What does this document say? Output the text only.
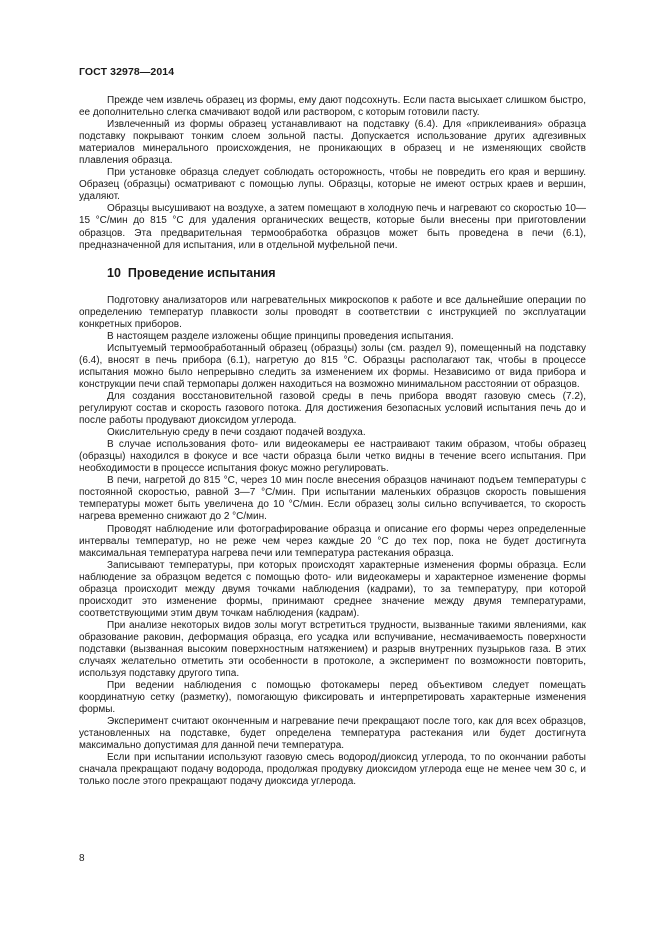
ГОСТ 32978—2014

Прежде чем извлечь образец из формы, ему дают подсохнуть. Если паста высыхает слишком быстро, ее дополнительно слегка смачивают водой или раствором, с которым готовили пасту.

Извлеченный из формы образец устанавливают на подставку (6.4). Для «приклеивания» образца подставку покрывают тонким слоем зольной пасты. Допускается использование других адгезивных материалов минерального происхождения, не проникающих в образец и не изменяющих свойств плавления образца.

При установке образца следует соблюдать осторожность, чтобы не повредить его края и вершину. Образец (образцы) осматривают с помощью лупы. Образцы, которые не имеют острых краев и вершин, удаляют.

Образцы высушивают на воздухе, а затем помещают в холодную печь и нагревают со скоростью 10—15 °С/мин до 815 °С для удаления органических веществ, которые были внесены при приготовлении образцов. Эта предварительная термообработка образцов может быть проведена в печи (6.1), предназначенной для испытания, или в отдельной муфельной печи.

10 Проведение испытания

Подготовку анализаторов или нагревательных микроскопов к работе и все дальнейшие операции по определению температур плавкости золы проводят в соответствии с инструкцией по эксплуатации конкретных приборов.

В настоящем разделе изложены общие принципы проведения испытания.

Испытуемый термообработанный образец (образцы) золы (см. раздел 9), помещенный на подставку (6.4), вносят в печь прибора (6.1), нагретую до 815 °С. Образцы располагают так, чтобы в процессе испытания можно было непрерывно следить за изменением их формы. Независимо от вида прибора и конструкции печи спай термопары должен находиться на возможно минимальном расстоянии от образцов.

Для создания восстановительной газовой среды в печь прибора вводят газовую смесь (7.2), регулируют состав и скорость газового потока. Для достижения безопасных условий испытания печь до и после работы продувают диоксидом углерода.

Окислительную среду в печи создают подачей воздуха.

В случае использования фото- или видеокамеры ее настраивают таким образом, чтобы образец (образцы) находился в фокусе и все части образца были четко видны в течение всего испытания. При необходимости в процессе испытания фокус можно регулировать.

В печи, нагретой до 815 °С, через 10 мин после внесения образцов начинают подъем температуры с постоянной скоростью, равной 3—7 °С/мин. При испытании маленьких образцов скорость повышения температуры может быть увеличена до 10 °С/мин. Если образец золы сильно вспучивается, то скорость нагрева временно снижают до 2 °С/мин.

Проводят наблюдение или фотографирование образца и описание его формы через определенные интервалы температур, но не реже чем через каждые 20 °С до тех пор, пока не будет достигнута максимальная температура нагрева печи или температура растекания образца.

Записывают температуры, при которых происходят характерные изменения формы образца. Если наблюдение за образцом ведется с помощью фото- или видеокамеры и характерное изменение формы образца происходит между двумя точками наблюдения (кадрами), то за температуру, при которой происходит это изменение формы, принимают среднее значение между двумя температурами, соответствующими этим двум точкам наблюдения (кадрам).

При анализе некоторых видов золы могут встретиться трудности, вызванные такими явлениями, как образование раковин, деформация образца, его усадка или вспучивание, несмачиваемость поверхности подставки (вызванная высоким поверхностным натяжением) и разрыв внутренних пузырьков газа. В этих случаях желательно отметить эти особенности в протоколе, а эксперимент по возможности повторить, используя подставку другого типа.

При ведении наблюдения с помощью фотокамеры перед объективом следует помещать координатную сетку (разметку), помогающую фиксировать и интерпретировать характерные изменения формы.

Эксперимент считают оконченным и нагревание печи прекращают после того, как для всех образцов, установленных на подставке, будет определена температура растекания или будет достигнута максимально допустимая для данной печи температура.

Если при испытании используют газовую смесь водород/диоксид углерода, то по окончании работы сначала прекращают подачу водорода, продолжая продувку диоксидом углерода еще не менее чем 30 с, и только после этого прекращают подачу диоксида углерода.

8
